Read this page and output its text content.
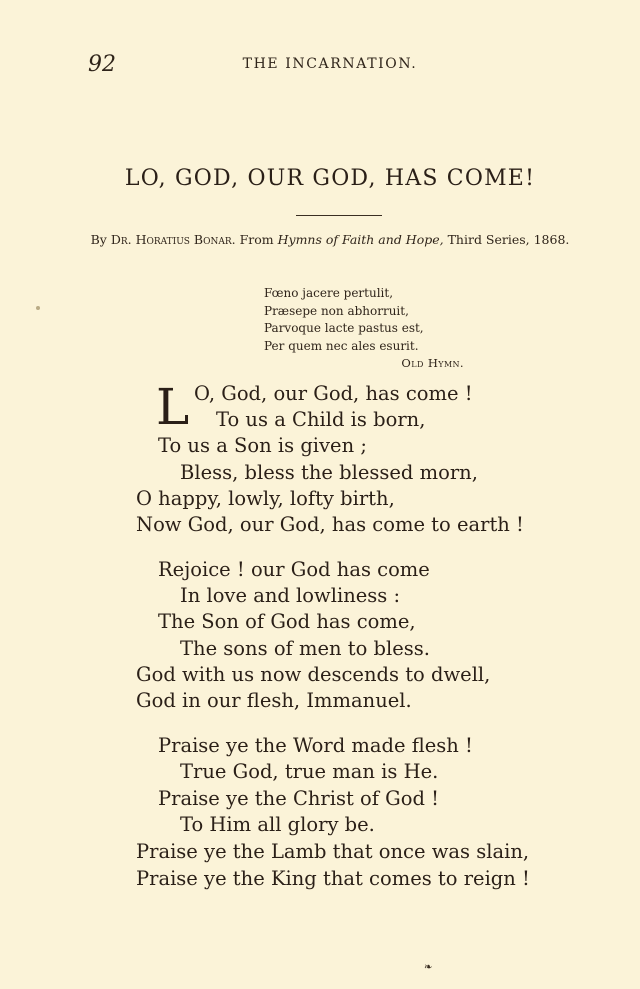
92	THE INCARNATION.
LO, GOD, OUR GOD, HAS COME!
By Dr. Horatius Bonar. From Hymns of Faith and Hope, Third Series, 1868.
Fœno jacere pertulit,
Præsepe non abhorruit,
Parvoque lacte pastus est,
Per quem nec ales esurit.
Old Hymn.
L O, God, our God, has come !
To us a Child is born,
To us a Son is given ;
Bless, bless the blessed morn,
O happy, lowly, lofty birth,
Now God, our God, has come to earth !
Rejoice ! our God has come
In love and lowliness :
The Son of God has come,
The sons of men to bless.
God with us now descends to dwell,
God in our flesh, Immanuel.
Praise ye the Word made flesh !
True God, true man is He.
Praise ye the Christ of God !
To Him all glory be.
Praise ye the Lamb that once was slain,
Praise ye the King that comes to reign !
❧
